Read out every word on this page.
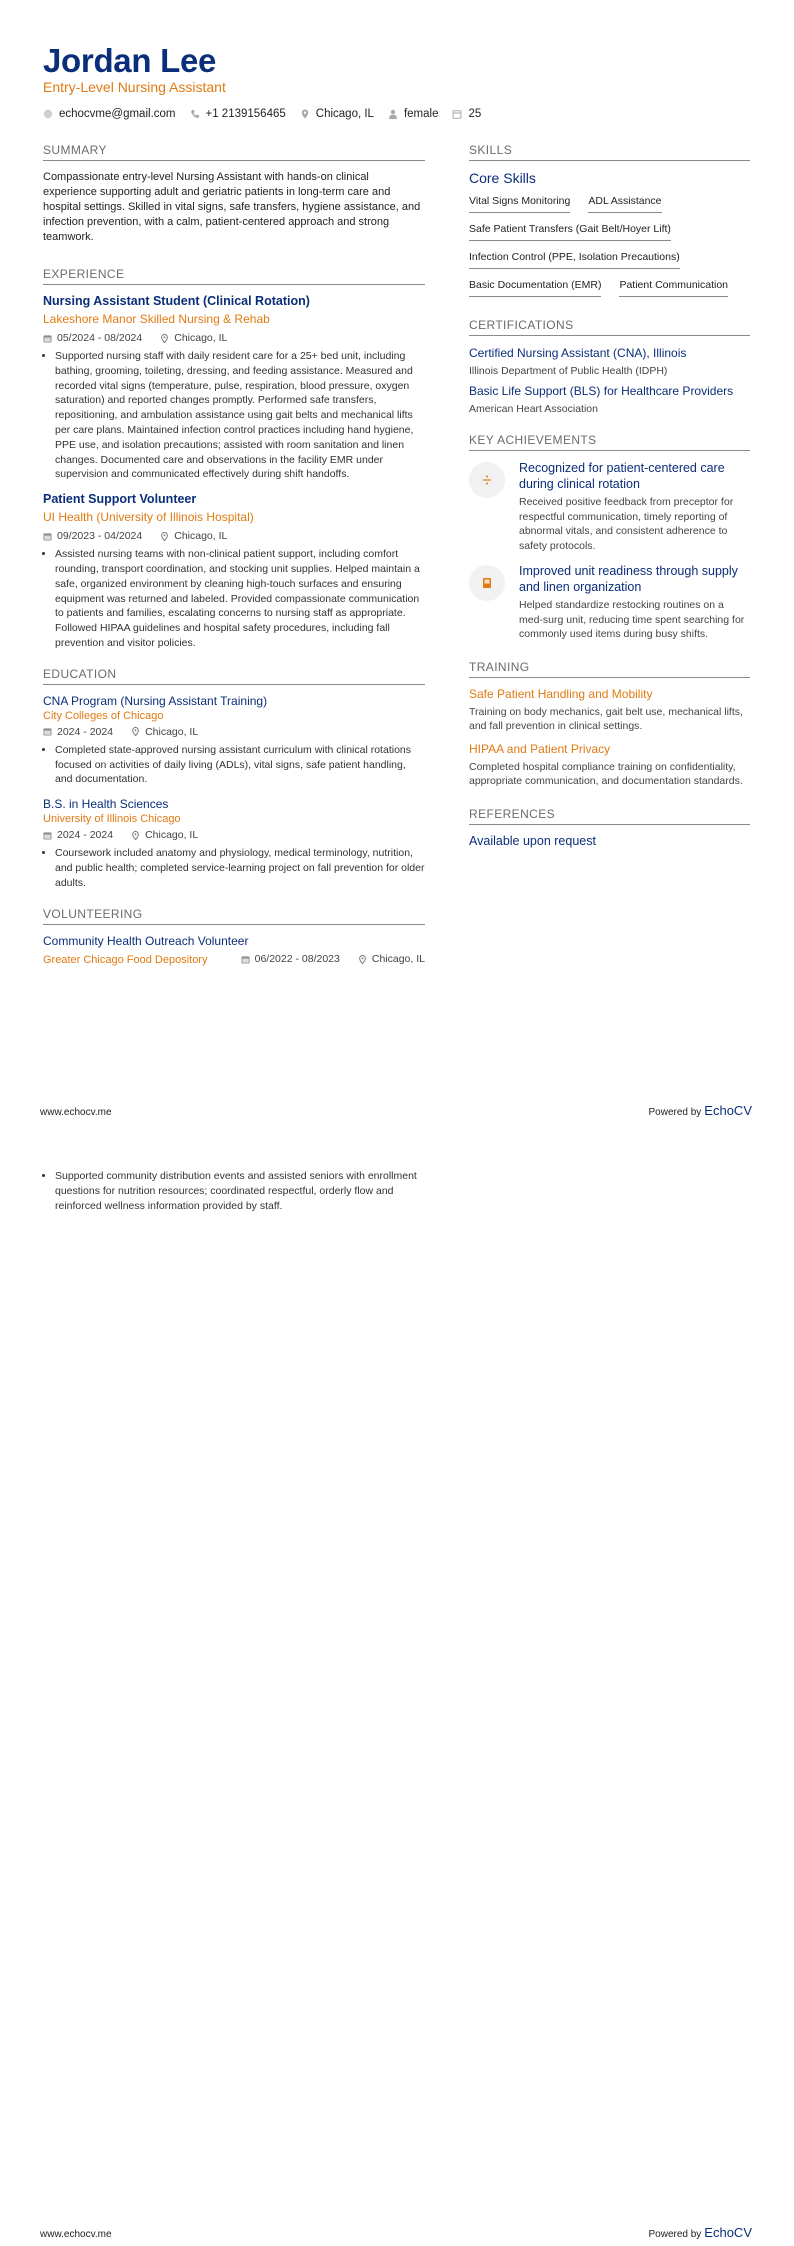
Jordan Lee
Entry-Level Nursing Assistant
echocvme@gmail.com	+1 2139156465	Chicago, IL	female	25
SUMMARY
Compassionate entry-level Nursing Assistant with hands-on clinical experience supporting adult and geriatric patients in long-term care and hospital settings. Skilled in vital signs, safe transfers, hygiene assistance, and infection prevention, with a calm, patient-centered approach and strong teamwork.
EXPERIENCE
Nursing Assistant Student (Clinical Rotation)
Lakeshore Manor Skilled Nursing & Rehab
05/2024 - 08/2024	Chicago, IL
• Supported nursing staff with daily resident care for a 25+ bed unit, including bathing, grooming, toileting, dressing, and feeding assistance. Measured and recorded vital signs (temperature, pulse, respiration, blood pressure, oxygen saturation) and reported changes promptly. Performed safe transfers, repositioning, and ambulation assistance using gait belts and mechanical lifts per care plans. Maintained infection control practices including hand hygiene, PPE use, and isolation precautions; assisted with room sanitation and linen changes. Documented care and observations in the facility EMR under supervision and communicated effectively during shift handoffs.
Patient Support Volunteer
UI Health (University of Illinois Hospital)
09/2023 - 04/2024	Chicago, IL
• Assisted nursing teams with non-clinical patient support, including comfort rounding, transport coordination, and stocking unit supplies. Helped maintain a safe, organized environment by cleaning high-touch surfaces and ensuring equipment was returned and labeled. Provided compassionate communication to patients and families, escalating concerns to nursing staff as appropriate. Followed HIPAA guidelines and hospital safety procedures, including fall prevention and visitor policies.
EDUCATION
CNA Program (Nursing Assistant Training)
City Colleges of Chicago
2024 - 2024	Chicago, IL
• Completed state-approved nursing assistant curriculum with clinical rotations focused on activities of daily living (ADLs), vital signs, safe patient handling, and documentation.
B.S. in Health Sciences
University of Illinois Chicago
2024 - 2024	Chicago, IL
• Coursework included anatomy and physiology, medical terminology, nutrition, and public health; completed service-learning project on fall prevention for older adults.
VOLUNTEERING
Community Health Outreach Volunteer
Greater Chicago Food Depository	06/2022 - 08/2023	Chicago, IL
SKILLS
Core Skills
Vital Signs Monitoring ADL Assistance
Safe Patient Transfers (Gait Belt/Hoyer Lift)
Infection Control (PPE, Isolation Precautions)
Basic Documentation (EMR) Patient Communication
CERTIFICATIONS
Certified Nursing Assistant (CNA), Illinois
Illinois Department of Public Health (IDPH)
Basic Life Support (BLS) for Healthcare Providers
American Heart Association
KEY ACHIEVEMENTS
Recognized for patient-centered care during clinical rotation
Received positive feedback from preceptor for respectful communication, timely reporting of abnormal vitals, and consistent adherence to safety protocols.
Improved unit readiness through supply and linen organization
Helped standardize restocking routines on a med-surg unit, reducing time spent searching for commonly used items during busy shifts.
TRAINING
Safe Patient Handling and Mobility
Training on body mechanics, gait belt use, mechanical lifts, and fall prevention in clinical settings.
HIPAA and Patient Privacy
Completed hospital compliance training on confidentiality, appropriate communication, and documentation standards.
REFERENCES
Available upon request
www.echocv.me	Powered by EchoCV
• Supported community distribution events and assisted seniors with enrollment questions for nutrition resources; coordinated respectful, orderly flow and reinforced wellness information provided by staff.
www.echocv.me	Powered by EchoCV
